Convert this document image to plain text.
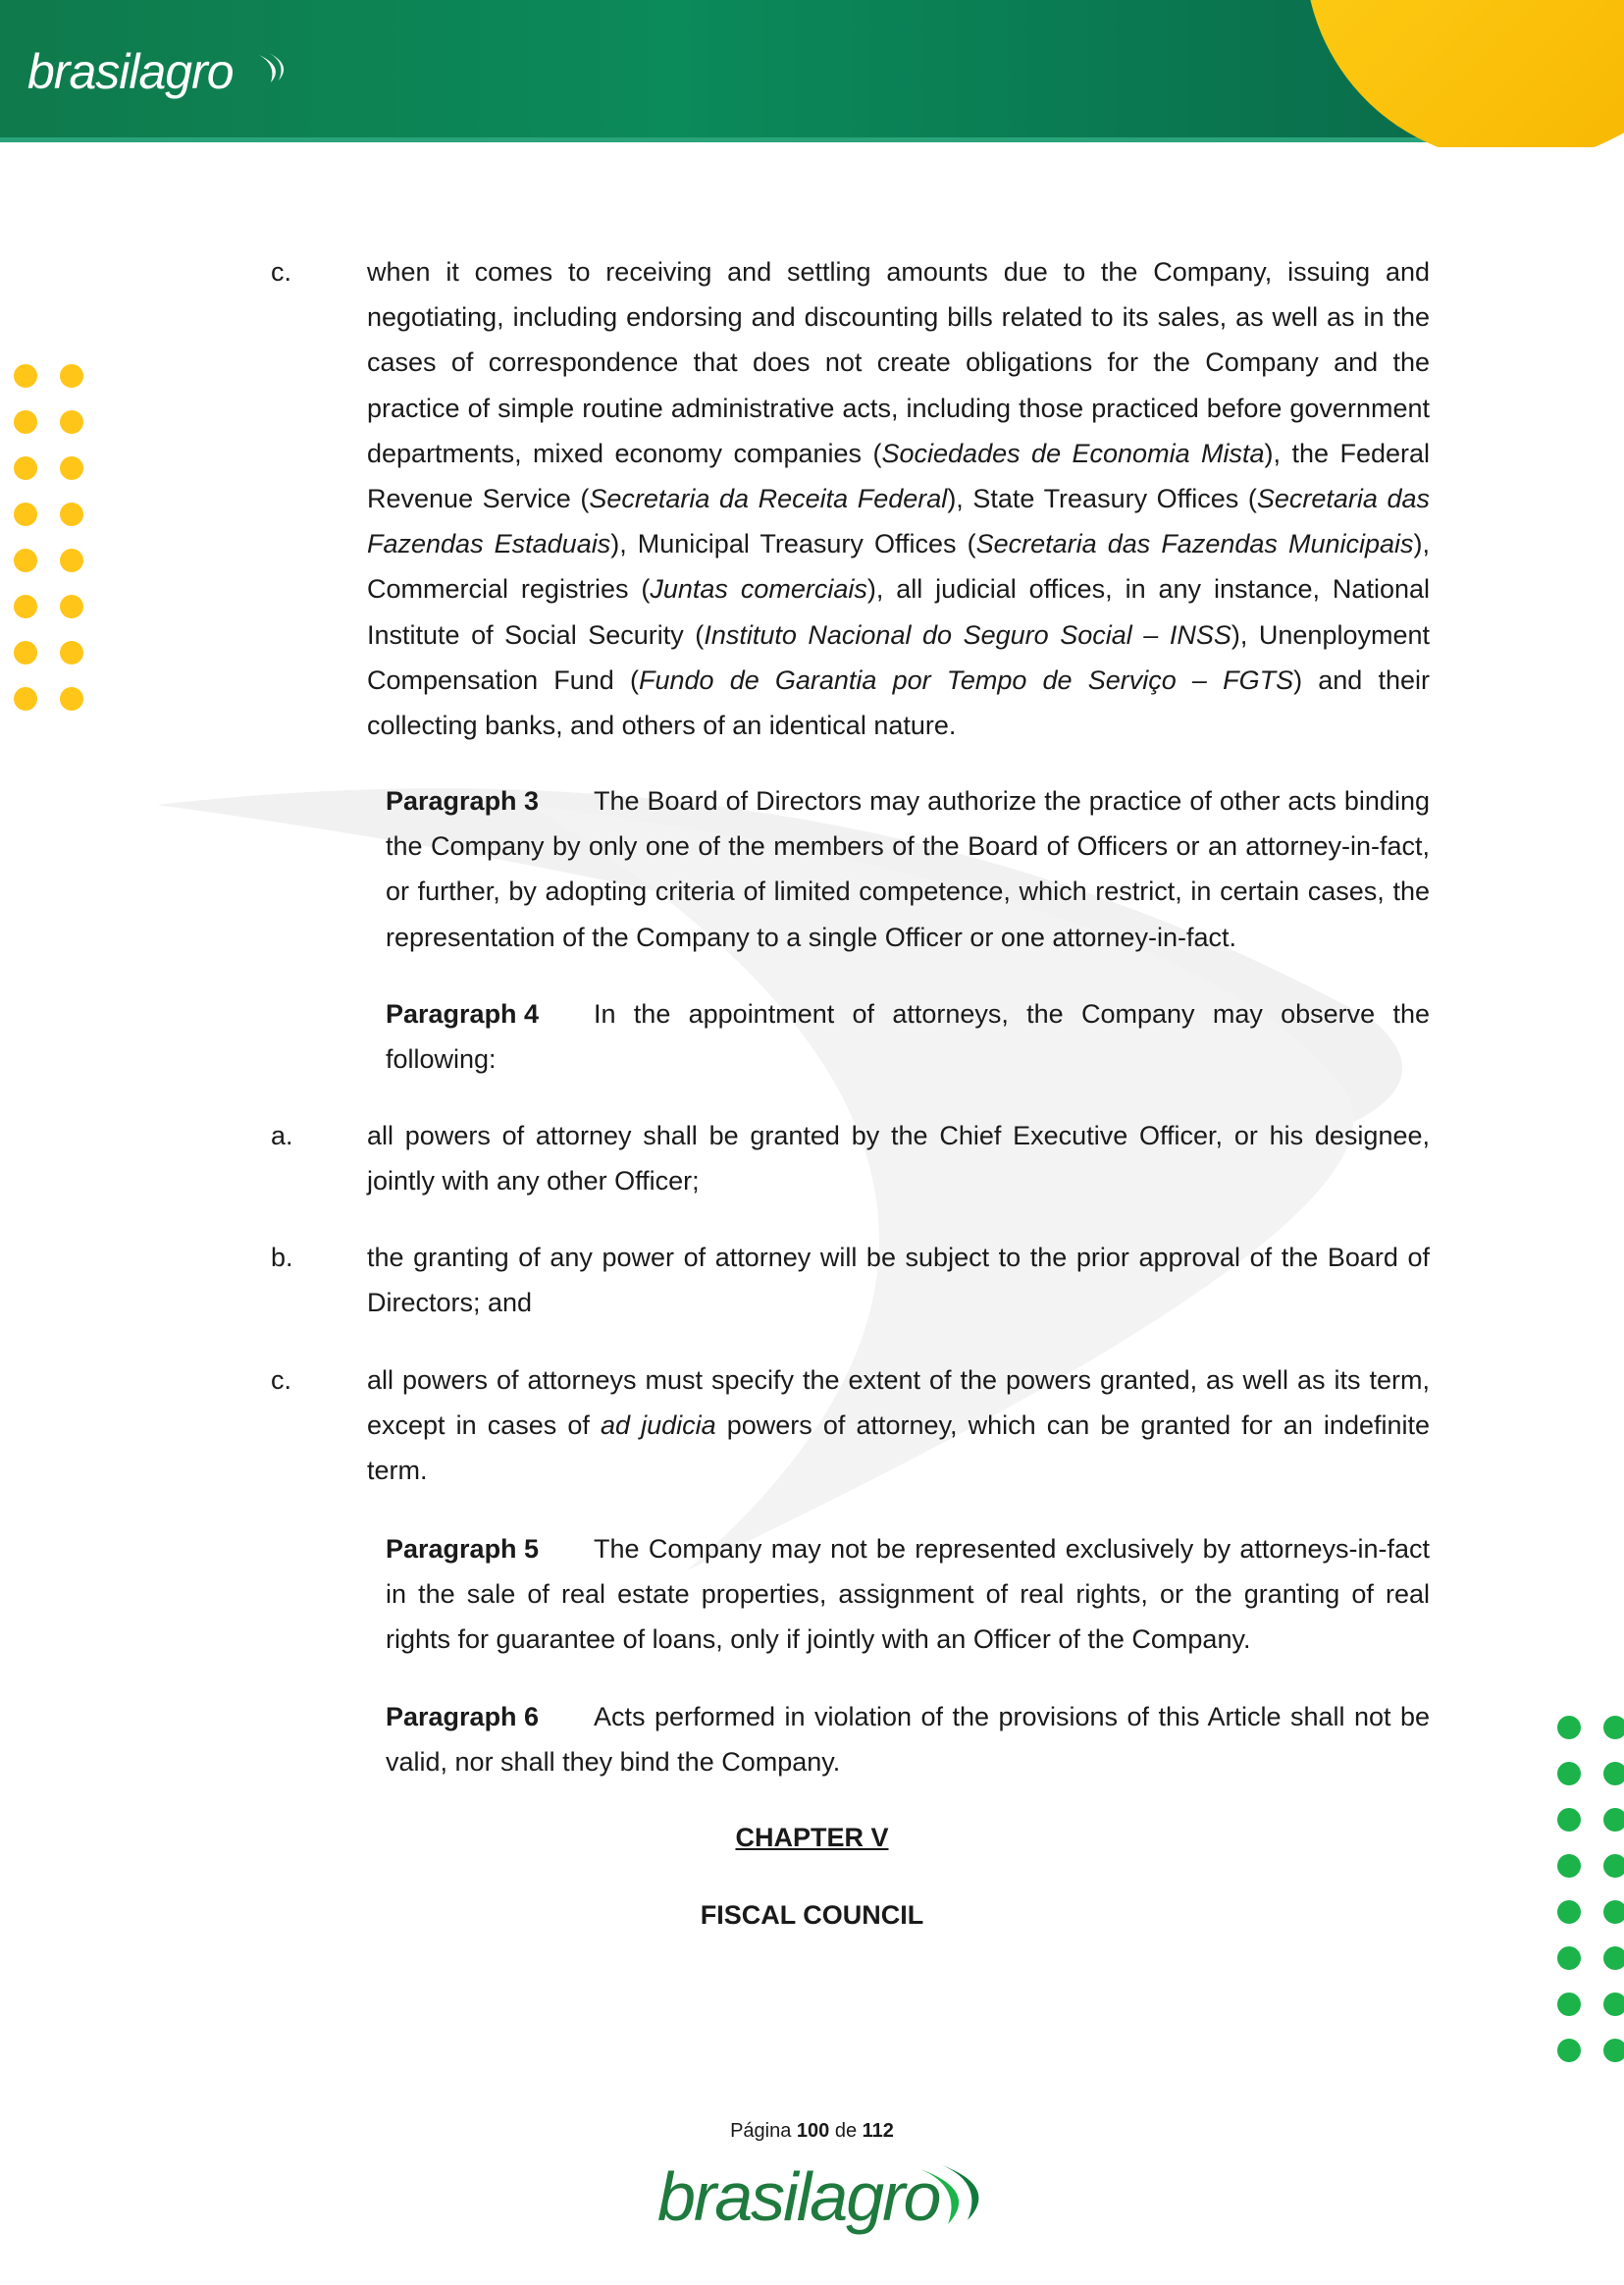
brasilagro
c.	when it comes to receiving and settling amounts due to the Company, issuing and negotiating, including endorsing and discounting bills related to its sales, as well as in the cases of correspondence that does not create obligations for the Company and the practice of simple routine administrative acts, including those practiced before government departments, mixed economy companies (Sociedades de Economia Mista), the Federal Revenue Service (Secretaria da Receita Federal), State Treasury Offices (Secretaria das Fazendas Estaduais), Municipal Treasury Offices (Secretaria das Fazendas Municipais), Commercial registries (Juntas comerciais), all judicial offices, in any instance, National Institute of Social Security (Instituto Nacional do Seguro Social – INSS), Unenployment Compensation Fund (Fundo de Garantia por Tempo de Serviço – FGTS) and their collecting banks, and others of an identical nature.
Paragraph 3 The Board of Directors may authorize the practice of other acts binding the Company by only one of the members of the Board of Officers or an attorney-in-fact, or further, by adopting criteria of limited competence, which restrict, in certain cases, the representation of the Company to a single Officer or one attorney-in-fact.
Paragraph 4 In the appointment of attorneys, the Company may observe the following:
a.	all powers of attorney shall be granted by the Chief Executive Officer, or his designee, jointly with any other Officer;
b.	the granting of any power of attorney will be subject to the prior approval of the Board of Directors; and
c.	all powers of attorneys must specify the extent of the powers granted, as well as its term, except in cases of ad judicia powers of attorney, which can be granted for an indefinite term.
Paragraph 5 The Company may not be represented exclusively by attorneys-in-fact in the sale of real estate properties, assignment of real rights, or the granting of real rights for guarantee of loans, only if jointly with an Officer of the Company.
Paragraph 6 Acts performed in violation of the provisions of this Article shall not be valid, nor shall they bind the Company.
CHAPTER V
FISCAL COUNCIL
Página 100 de 112
brasilagro
